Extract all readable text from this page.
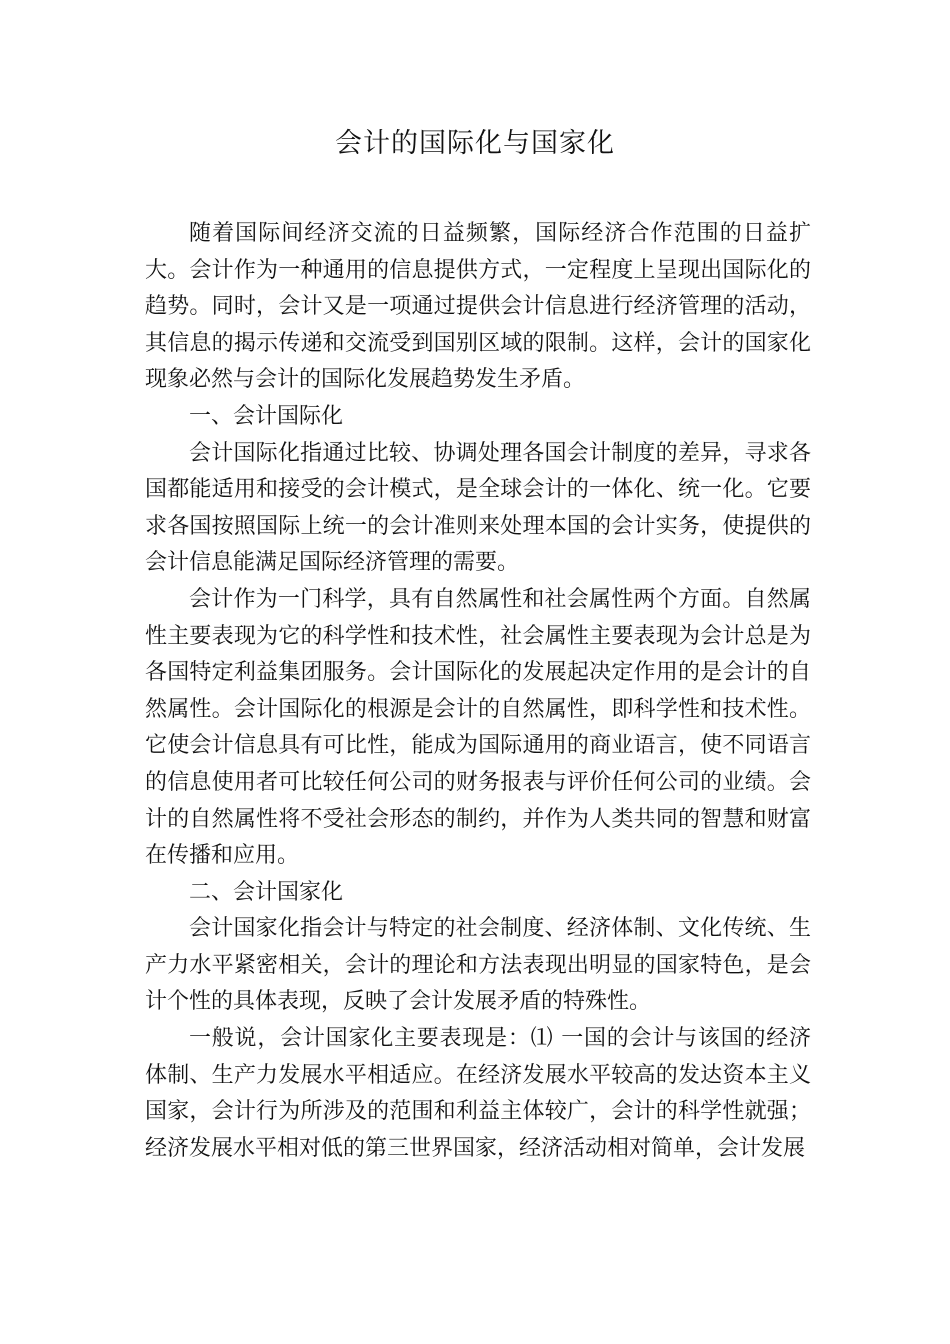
会计的国际化与国家化

随着国际间经济交流的日益频繁，国际经济合作范围的日益扩大。会计作为一种通用的信息提供方式，一定程度上呈现出国际化的趋势。同时，会计又是一项通过提供会计信息进行经济管理的活动，其信息的揭示传递和交流受到国别区域的限制。这样，会计的国家化现象必然与会计的国际化发展趋势发生矛盾。

一、会计国际化

会计国际化指通过比较、协调处理各国会计制度的差异，寻求各国都能适用和接受的会计模式，是全球会计的一体化、统一化。它要求各国按照国际上统一的会计准则来处理本国的会计实务，使提供的会计信息能满足国际经济管理的需要。

会计作为一门科学，具有自然属性和社会属性两个方面。自然属性主要表现为它的科学性和技术性，社会属性主要表现为会计总是为各国特定利益集团服务。会计国际化的发展起决定作用的是会计的自然属性。会计国际化的根源是会计的自然属性，即科学性和技术性。它使会计信息具有可比性，能成为国际通用的商业语言，使不同语言的信息使用者可比较任何公司的财务报表与评价任何公司的业绩。会计的自然属性将不受社会形态的制约，并作为人类共同的智慧和财富在传播和应用。

二、会计国家化

会计国家化指会计与特定的社会制度、经济体制、文化传统、生产力水平紧密相关，会计的理论和方法表现出明显的国家特色，是会计个性的具体表现，反映了会计发展矛盾的特殊性。

一般说，会计国家化主要表现是：⑴ 一国的会计与该国的经济体制、生产力发展水平相适应。在经济发展水平较高的发达资本主义国家，会计行为所涉及的范围和利益主体较广，会计的科学性就强；经济发展水平相对低的第三世界国家，经济活动相对简单，会计发展
